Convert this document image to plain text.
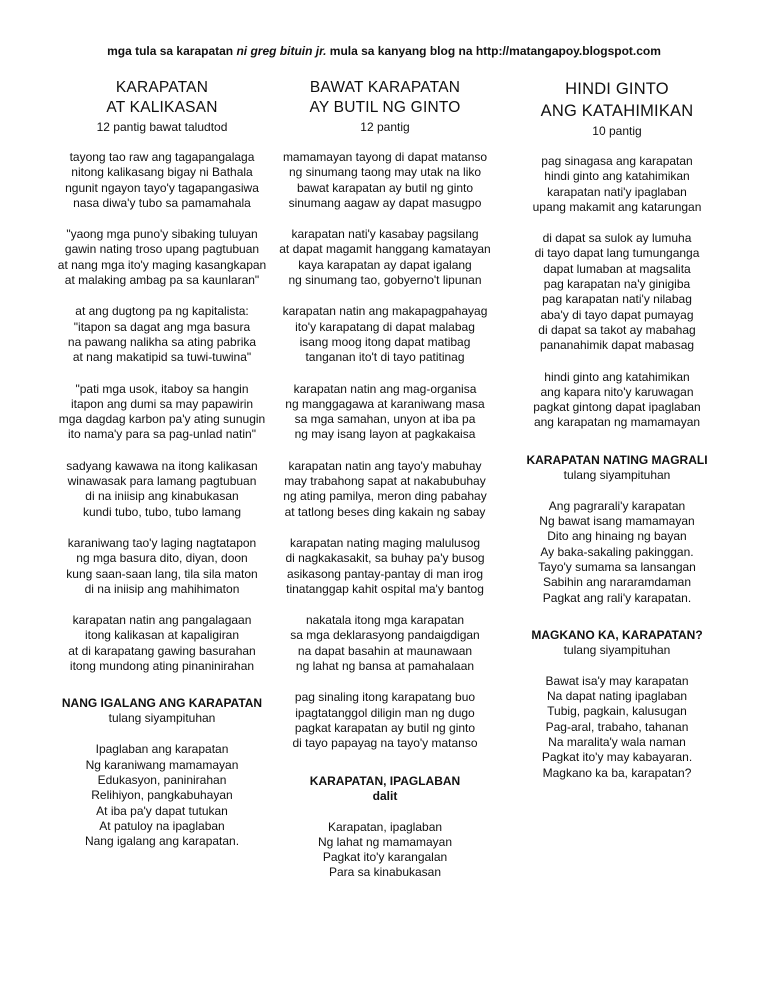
mga tula sa karapatan ni greg bituin jr. mula sa kanyang blog na http://matangapoy.blogspot.com
KARAPATAN
AT KALIKASAN
12 pantig bawat taludtod
tayong tao raw ang tagapangalaga
nitong kalikasang bigay ni Bathala
ngunit ngayon tayo'y tagapangasiwa
nasa diwa'y tubo sa pamamahala
"yaong mga puno'y sibaking tuluyan
gawin nating troso upang pagtubuan
at nang mga ito'y maging kasangkapan
at malaking ambag pa sa kaunlaran"
at ang dugtong pa ng kapitalista:
"itapon sa dagat ang mga basura
na pawang nalikha sa ating pabrika
at nang makatipid sa tuwi-tuwina"
"pati mga usok, itaboy sa hangin
itapon ang dumi sa may papawirin
mga dagdag karbon pa'y ating sunugin
ito nama'y para sa pag-unlad natin"
sadyang kawawa na itong kalikasan
winawasak para lamang pagtubuan
di na iniisip ang kinabukasan
kundi tubo, tubo, tubo lamang
karaniwang tao'y laging nagtatapon
ng mga basura dito, diyan, doon
kung saan-saan lang, tila sila maton
di na iniisip ang mahihimaton
karapatan natin ang pangalagaan
itong kalikasan at kapaligiran
at di karapatang gawing basurahan
itong mundong ating pinaninirahan
NANG IGALANG ANG KARAPATAN
tulang siyampituhan
Ipaglaban ang karapatan
Ng karaniwang mamamayan
Edukasyon, paninirahan
Relihiyon, pangkabuhayan
At iba pa'y dapat tutukan
At patuloy na ipaglaban
Nang igalang ang karapatan.
BAWAT KARAPATAN
AY BUTIL NG GINTO
12 pantig
mamamayan tayong di dapat matanso
ng sinumang taong may utak na liko
bawat karapatan ay butil ng ginto
sinumang aagaw ay dapat masugpo
karapatan nati'y kasabay pagsilang
at dapat magamit hanggang kamatayan
kaya karapatan ay dapat igalang
ng sinumang tao, gobyerno't lipunan
karapatan natin ang makapagpahayag
ito'y karapatang di dapat malabag
isang moog itong dapat matibag
tanganan ito't di tayo patitinag
karapatan natin ang mag-organisa
ng manggagawa at karaniwang masa
sa mga samahan, unyon at iba pa
ng may isang layon at pagkakaisa
karapatan natin ang tayo'y mabuhay
may trabahong sapat at nakabubuhay
ng ating pamilya, meron ding pabahay
at tatlong beses ding kakain ng sabay
karapatan nating maging malulusog
di nagkakasakit, sa buhay pa'y busog
asikasong pantay-pantay di man irog
tinatanggap kahit ospital ma'y bantog
nakatala itong mga karapatan
sa mga deklarasyong pandaigdigan
na dapat basahin at maunawaan
ng lahat ng bansa at pamahalaan
pag sinaling itong karapatang buo
ipagtatanggol diligin man ng dugo
pagkat karapatan ay butil ng ginto
di tayo papayag na tayo'y matanso
KARAPATAN, IPAGLABAN
dalit
Karapatan, ipaglaban
Ng lahat ng mamamayan
Pagkat ito'y karangalan
Para sa kinabukasan
HINDI GINTO
ANG KATAHIMIKAN
10 pantig
pag sinagasa ang karapatan
hindi ginto ang katahimikan
karapatan nati'y ipaglaban
upang makamit ang katarungan
di dapat sa sulok ay lumuha
di tayo dapat lang tumunganga
dapat lumaban at magsalita
pag karapatan na'y ginigiba
pag karapatan nati'y nilabag
aba'y di tayo dapat pumayag
di dapat sa takot ay mabahag
pananahimik dapat mabasag
hindi ginto ang katahimikan
ang kapara nito'y karuwagan
pagkat gintong dapat ipaglaban
ang karapatan ng mamamayan
KARAPATAN NATING MAGRALI
tulang siyampituhan
Ang pagrarali'y karapatan
Ng bawat isang mamamayan
Dito ang hinaing ng bayan
Ay baka-sakaling pakinggan.
Tayo'y sumama sa lansangan
Sabihin ang nararamdaman
Pagkat ang rali'y karapatan.
MAGKANO KA, KARAPATAN?
tulang siyampituhan
Bawat isa'y may karapatan
Na dapat nating ipaglaban
Tubig, pagkain, kalusugan
Pag-aral, trabaho, tahanan
Na maralita'y wala naman
Pagkat ito'y may kabayaran.
Magkano ka ba, karapatan?
